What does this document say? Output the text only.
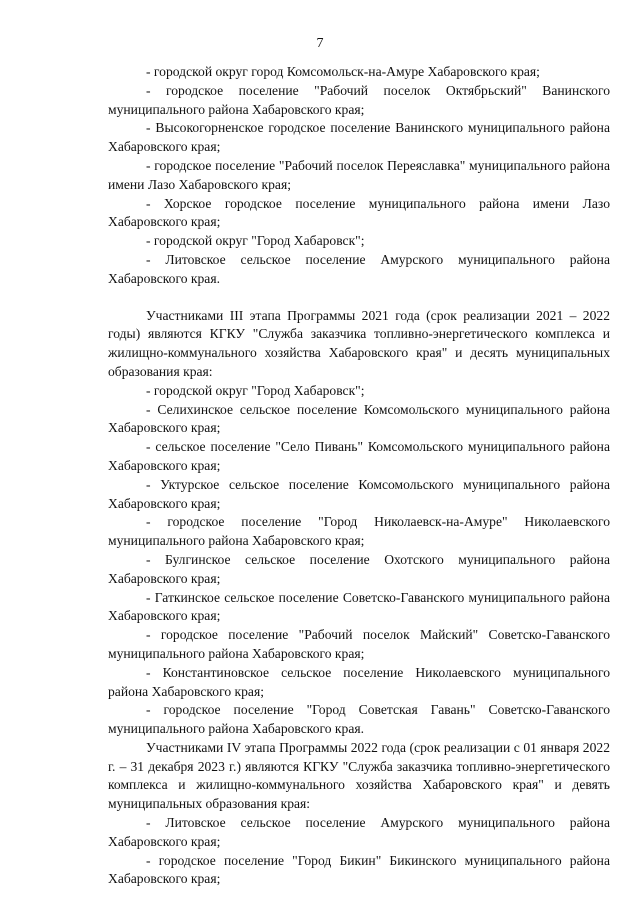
7

- городской округ город Комсомольск-на-Амуре Хабаровского края;

- городское поселение "Рабочий поселок Октябрьский" Ванинского муниципального района Хабаровского края;

- Высокогорненское городское поселение Ванинского муниципального района Хабаровского края;

- городское поселение "Рабочий поселок Переяславка" муниципального района имени Лазо Хабаровского края;

- Хорское городское поселение муниципального района имени Лазо Хабаровского края;

- городской округ "Город Хабаровск";

- Литовское сельское поселение Амурского муниципального района Хабаровского края.

Участниками III этапа Программы 2021 года (срок реализации 2021 – 2022 годы) являются КГКУ "Служба заказчика топливно-энергетического комплекса и жилищно-коммунального хозяйства Хабаровского края" и десять муниципальных образования края:

- городской округ "Город Хабаровск";

- Селихинское сельское поселение Комсомольского муниципального района Хабаровского края;

- сельское поселение "Село Пивань" Комсомольского муниципального района Хабаровского края;

- Уктурское сельское поселение Комсомольского муниципального района Хабаровского края;

- городское поселение "Город Николаевск-на-Амуре" Николаевского муниципального района Хабаровского края;

- Булгинское сельское поселение Охотского муниципального района Хабаровского края;

- Гаткинское сельское поселение Советско-Гаванского муниципального района Хабаровского края;

- городское поселение "Рабочий поселок Майский" Советско-Гаванского муниципального района Хабаровского края;

- Константиновское сельское поселение Николаевского муниципального района Хабаровского края;

- городское поселение "Город Советская Гавань" Советско-Гаванского муниципального района Хабаровского края.

Участниками IV этапа Программы 2022 года (срок реализации с 01 января 2022 г. – 31 декабря 2023 г.) являются КГКУ "Служба заказчика топливно-энергетического комплекса и жилищно-коммунального хозяйства Хабаровского края" и девять муниципальных образования края:

- Литовское сельское поселение Амурского муниципального района Хабаровского края;

- городское поселение "Город Бикин" Бикинского муниципального района Хабаровского края;
